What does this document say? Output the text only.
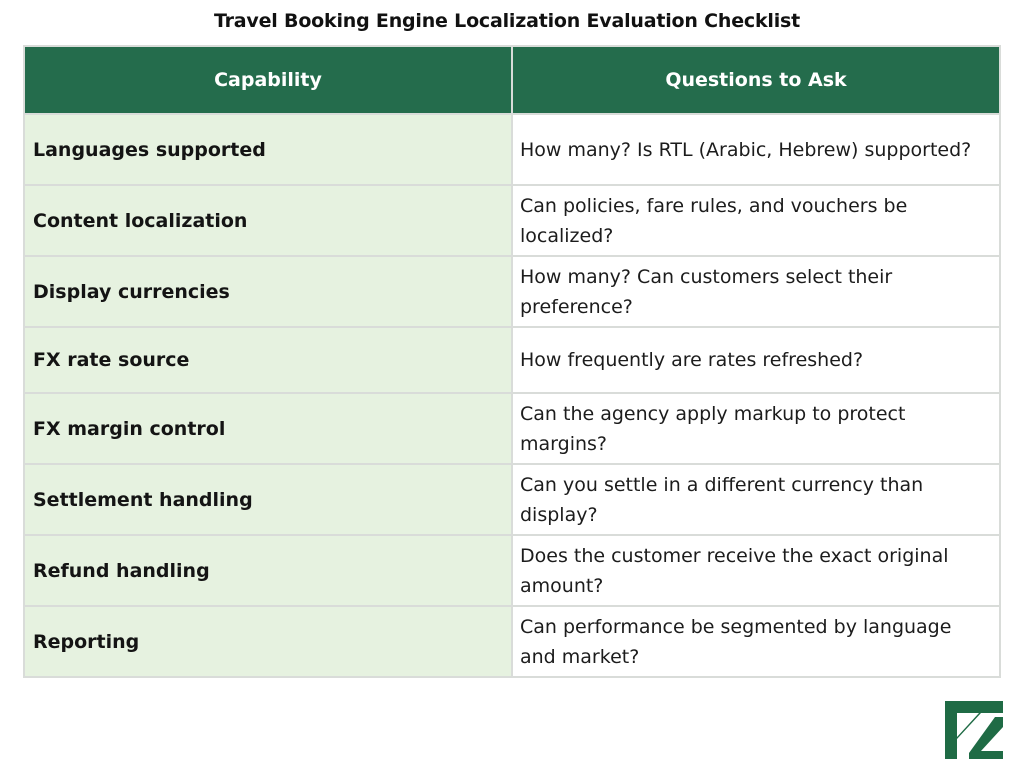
Travel Booking Engine Localization Evaluation Checklist
Capability	Questions to Ask
Languages supported	How many? Is RTL (Arabic, Hebrew) supported?
Content localization	Can policies, fare rules, and vouchers be localized?
Display currencies	How many? Can customers select their preference?
FX rate source	How frequently are rates refreshed?
FX margin control	Can the agency apply markup to protect margins?
Settlement handling	Can you settle in a different currency than display?
Refund handling	Does the customer receive the exact original amount?
Reporting	Can performance be segmented by language and market?
